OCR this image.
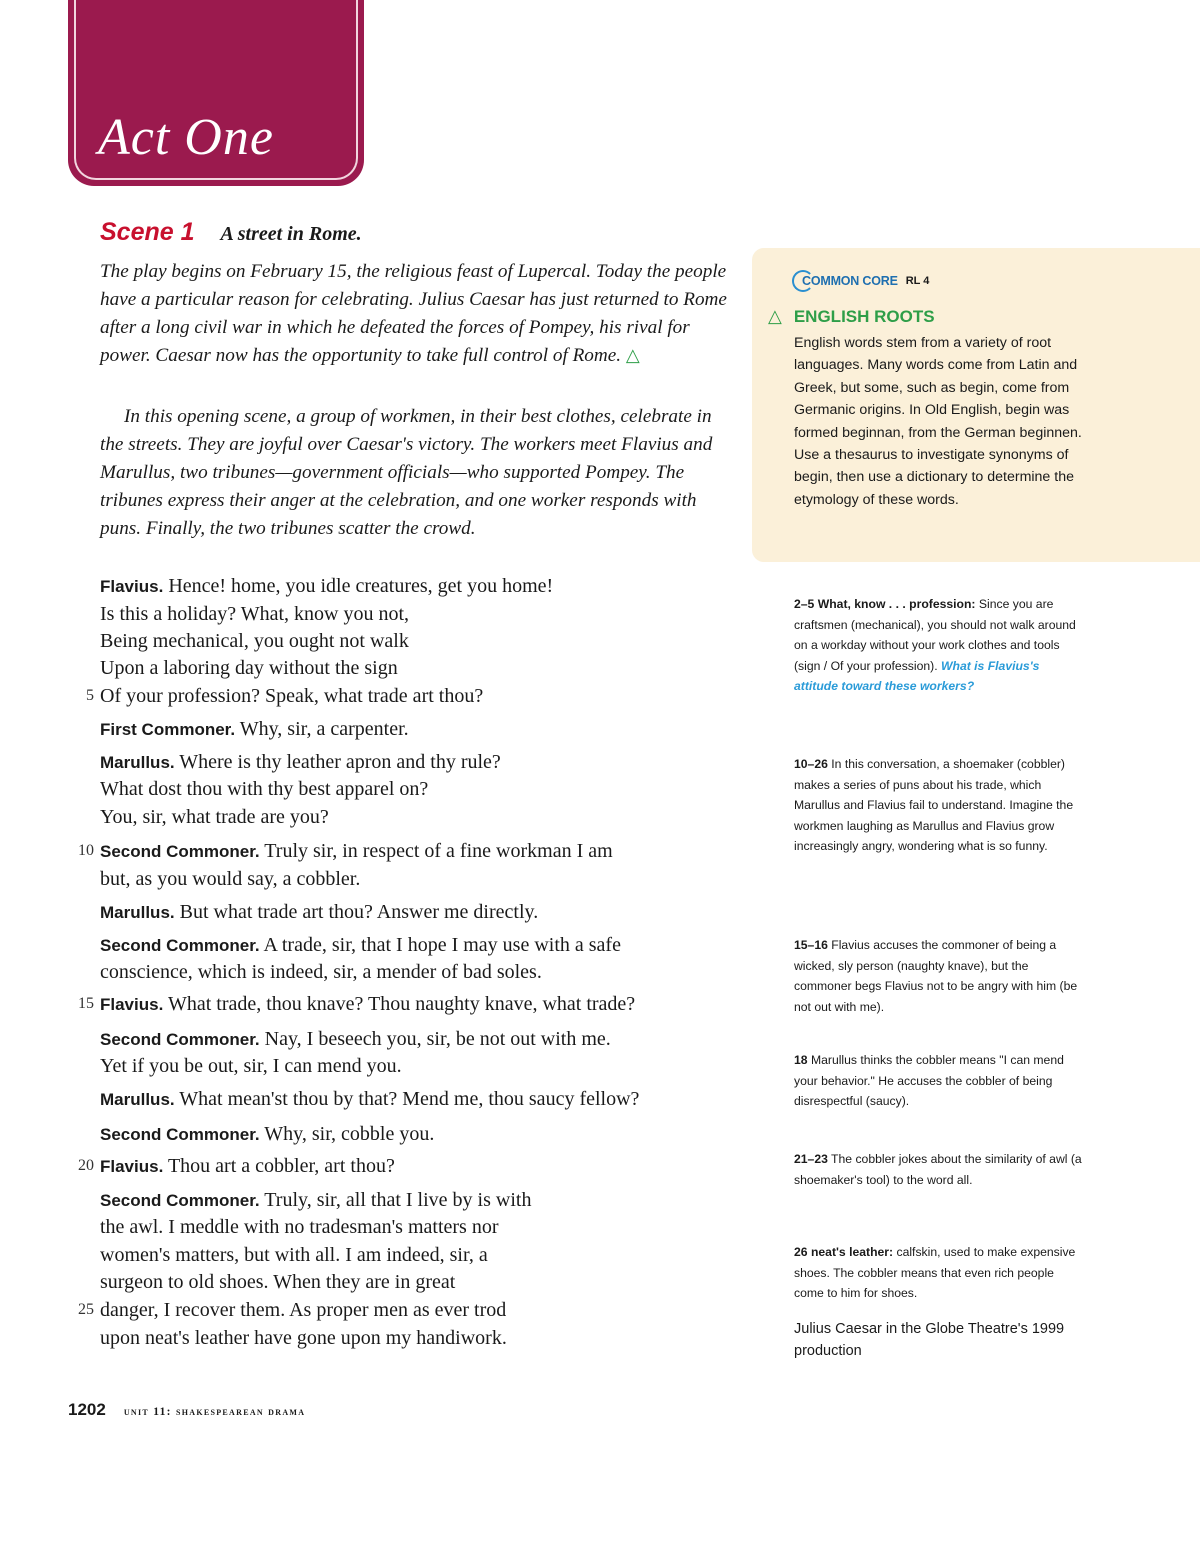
Act One
Scene 1 A street in Rome.
The play begins on February 15, the religious feast of Lupercal. Today the people have a particular reason for celebrating. Julius Caesar has just returned to Rome after a long civil war in which he defeated the forces of Pompey, his rival for power. Caesar now has the opportunity to take full control of Rome. △
In this opening scene, a group of workmen, in their best clothes, celebrate in the streets. They are joyful over Caesar's victory. The workers meet Flavius and Marullus, two tribunes—government officials—who supported Pompey. The tribunes express their anger at the celebration, and one worker responds with puns. Finally, the two tribunes scatter the crowd.
Flavius. Hence! home, you idle creatures, get you home!
Is this a holiday? What, know you not,
Being mechanical, you ought not walk
Upon a laboring day without the sign
5 Of your profession? Speak, what trade art thou?
First Commoner. Why, sir, a carpenter.
Marullus. Where is thy leather apron and thy rule?
What dost thou with thy best apparel on?
You, sir, what trade are you?
10 Second Commoner. Truly sir, in respect of a fine workman I am
but, as you would say, a cobbler.
Marullus. But what trade art thou? Answer me directly.
Second Commoner. A trade, sir, that I hope I may use with a safe
conscience, which is indeed, sir, a mender of bad soles.
15 Flavius. What trade, thou knave? Thou naughty knave, what trade?
Second Commoner. Nay, I beseech you, sir, be not out with me.
Yet if you be out, sir, I can mend you.
Marullus. What mean'st thou by that? Mend me, thou saucy fellow?
Second Commoner. Why, sir, cobble you.
20 Flavius. Thou art a cobbler, art thou?
Second Commoner. Truly, sir, all that I live by is with
the awl. I meddle with no tradesman's matters nor
women's matters, but with all. I am indeed, sir, a
surgeon to old shoes. When they are in great
25 danger, I recover them. As proper men as ever trod
upon neat's leather have gone upon my handiwork.
COMMON CORE RL 4
△ ENGLISH ROOTS
English words stem from a variety of root languages. Many words come from Latin and Greek, but some, such as begin, come from Germanic origins. In Old English, begin was formed beginnan, from the German beginnen. Use a thesaurus to investigate synonyms of begin, then use a dictionary to determine the etymology of these words.
2–5 What, know . . . profession: Since you are craftsmen (mechanical), you should not walk around on a workday without your work clothes and tools (sign / Of your profession). What is Flavius's attitude toward these workers?
10–26 In this conversation, a shoemaker (cobbler) makes a series of puns about his trade, which Marullus and Flavius fail to understand. Imagine the workmen laughing as Marullus and Flavius grow increasingly angry, wondering what is so funny.
15–16 Flavius accuses the commoner of being a wicked, sly person (naughty knave), but the commoner begs Flavius not to be angry with him (be not out with me).
18 Marullus thinks the cobbler means "I can mend your behavior." He accuses the cobbler of being disrespectful (saucy).
21–23 The cobbler jokes about the similarity of awl (a shoemaker's tool) to the word all.
26 neat's leather: calfskin, used to make expensive shoes. The cobbler means that even rich people come to him for shoes.
Julius Caesar in the Globe Theatre's 1999 production
1202 unit 11: shakespearean drama
